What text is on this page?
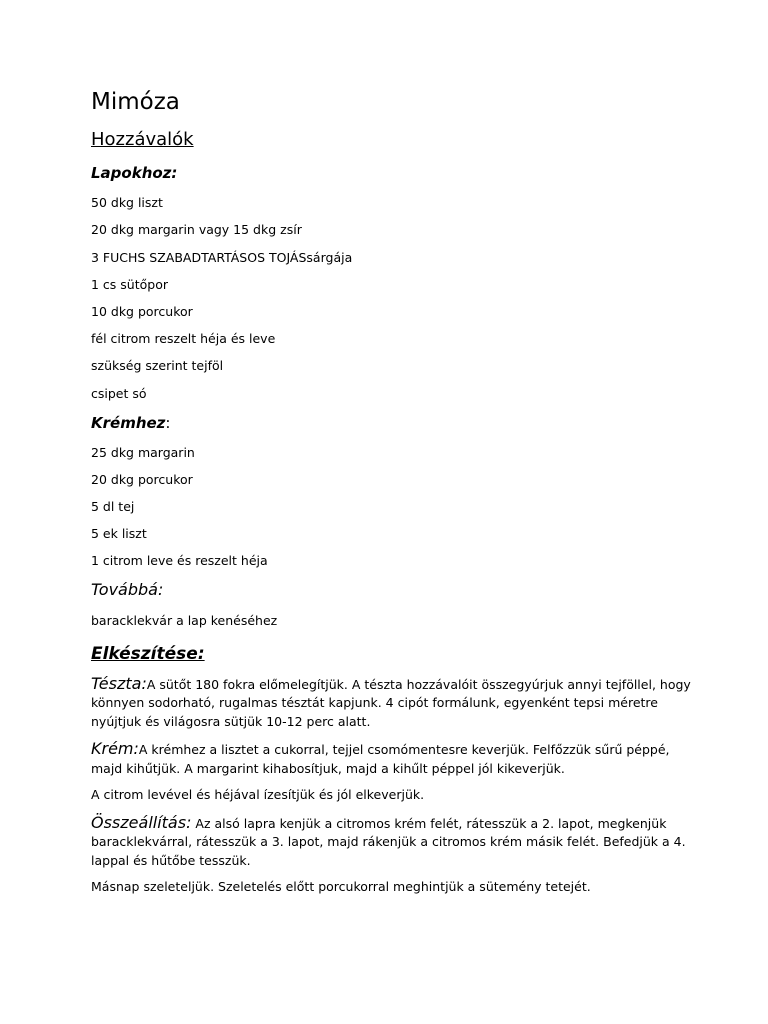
Mimóza
Hozzávalók
Lapokhoz:
50 dkg liszt
20 dkg margarin vagy 15 dkg zsír
3 FUCHS SZABADTARTÁSOS TOJÁSsárgája
1 cs sütőpor
10 dkg porcukor
fél citrom reszelt héja és leve
szükség szerint tejföl
csipet só
Krémhez:
25 dkg margarin
20 dkg porcukor
5 dl tej
5 ek liszt
1 citrom leve és reszelt héja
Továbbá:
baracklekvár a lap kenéséhez
Elkészítése:

Tészta:A sütőt 180 fokra előmelegítjük. A tészta hozzávalóit összegyúrjuk annyi tejföllel, hogy könnyen sodorható, rugalmas tésztát kapjunk. 4 cipót formálunk, egyenként tepsi méretre nyújtjuk és világosra sütjük 10-12 perc alatt.

Krém:A krémhez a lisztet a cukorral, tejjel csomómentesre keverjük. Felfőzzük sűrű péppé, majd kihűtjük. A margarint kihabosítjuk, majd a kihűlt péppel jól kikeverjük.

A citrom levével és héjával ízesítjük és jól elkeverjük.

Összeállítás: Az alsó lapra kenjük a citromos krém felét, rátesszük a 2. lapot, megkenjük baracklekvárral, rátesszük a 3. lapot, majd rákenjük a citromos krém másik felét. Befedjük a 4. lappal és hűtőbe tesszük.

Másnap szeleteljük. Szeletelés előtt porcukorral meghintjük a sütemény tetejét.
